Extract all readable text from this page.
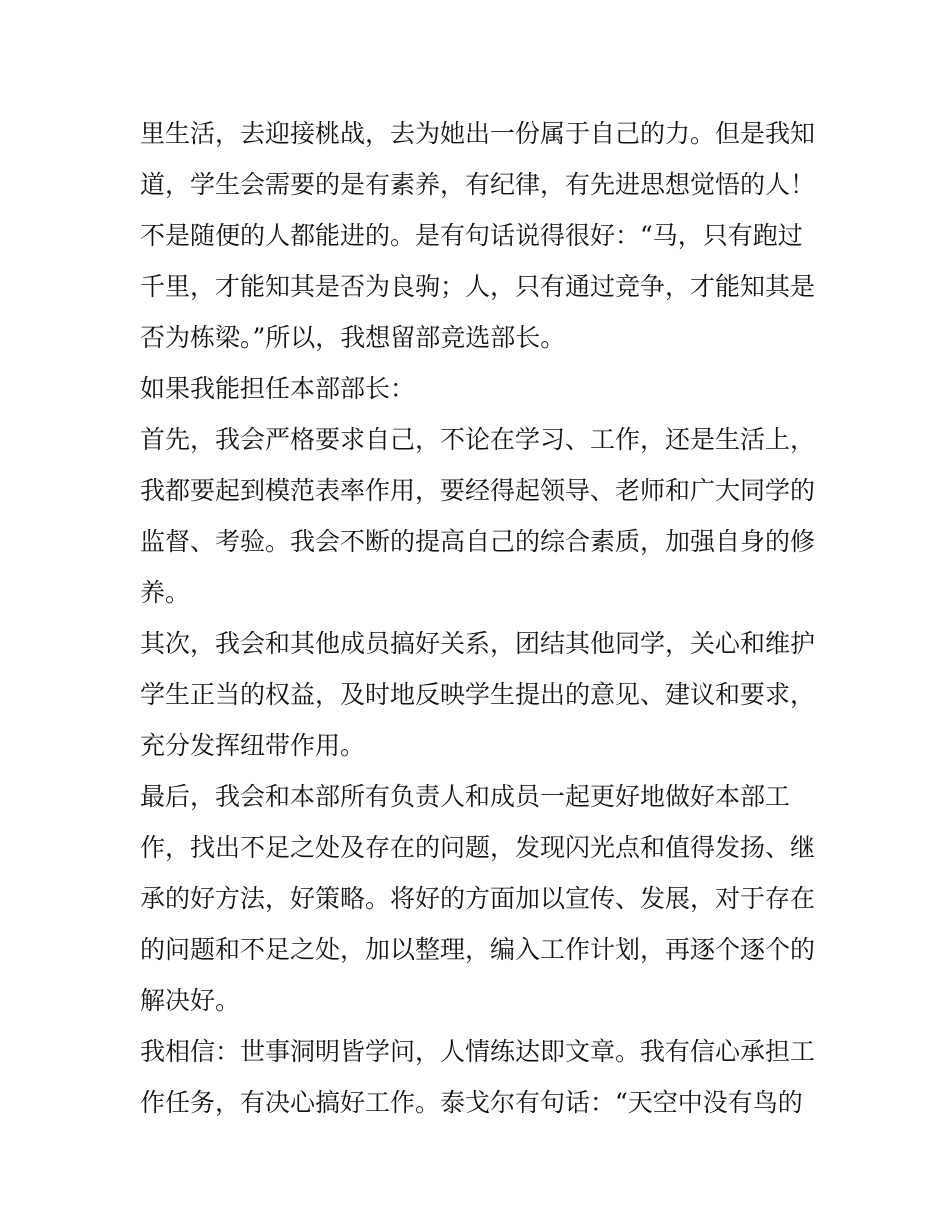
里生活，去迎接桃战，去为她出一份属于自己的力。但是我知
道，学生会需要的是有素养，有纪律，有先进思想觉悟的人！
不是随便的人都能进的。是有句话说得很好：“马，只有跑过
千里，才能知其是否为良驹；人，只有通过竞争，才能知其是
否为栋梁。”所以，我想留部竞选部长。
如果我能担任本部部长：
首先，我会严格要求自己，不论在学习、工作，还是生活上，
我都要起到模范表率作用，要经得起领导、老师和广大同学的
监督、考验。我会不断的提高自己的综合素质，加强自身的修
养。
其次，我会和其他成员搞好关系，团结其他同学，关心和维护
学生正当的权益，及时地反映学生提出的意见、建议和要求，
充分发挥纽带作用。
最后，我会和本部所有负责人和成员一起更好地做好本部工
作，找出不足之处及存在的问题，发现闪光点和值得发扬、继
承的好方法，好策略。将好的方面加以宣传、发展，对于存在
的问题和不足之处，加以整理，编入工作计划，再逐个逐个的
解决好。
我相信：世事洞明皆学问，人情练达即文章。我有信心承担工
作任务，有决心搞好工作。泰戈尔有句话：“天空中没有鸟的
